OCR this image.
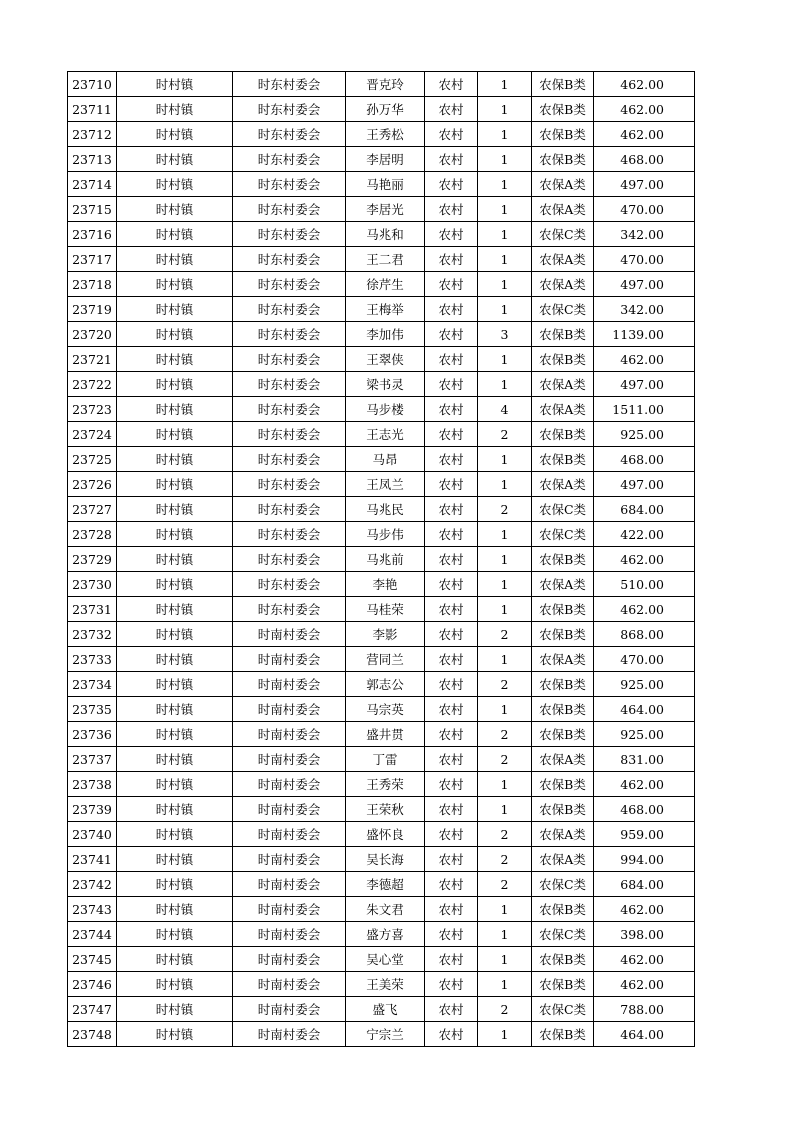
23710	时村镇	时东村委会	晋克玲	农村	1	农保B类	462.00
23711	时村镇	时东村委会	孙万华	农村	1	农保B类	462.00
23712	时村镇	时东村委会	王秀松	农村	1	农保B类	462.00
23713	时村镇	时东村委会	李居明	农村	1	农保B类	468.00
23714	时村镇	时东村委会	马艳丽	农村	1	农保A类	497.00
23715	时村镇	时东村委会	李居光	农村	1	农保A类	470.00
23716	时村镇	时东村委会	马兆和	农村	1	农保C类	342.00
23717	时村镇	时东村委会	王二君	农村	1	农保A类	470.00
23718	时村镇	时东村委会	徐芹生	农村	1	农保A类	497.00
23719	时村镇	时东村委会	王梅举	农村	1	农保C类	342.00
23720	时村镇	时东村委会	李加伟	农村	3	农保B类	1139.00
23721	时村镇	时东村委会	王翠侠	农村	1	农保B类	462.00
23722	时村镇	时东村委会	梁书灵	农村	1	农保A类	497.00
23723	时村镇	时东村委会	马步楼	农村	4	农保A类	1511.00
23724	时村镇	时东村委会	王志光	农村	2	农保B类	925.00
23725	时村镇	时东村委会	马昂	农村	1	农保B类	468.00
23726	时村镇	时东村委会	王凤兰	农村	1	农保A类	497.00
23727	时村镇	时东村委会	马兆民	农村	2	农保C类	684.00
23728	时村镇	时东村委会	马步伟	农村	1	农保C类	422.00
23729	时村镇	时东村委会	马兆前	农村	1	农保B类	462.00
23730	时村镇	时东村委会	李艳	农村	1	农保A类	510.00
23731	时村镇	时东村委会	马桂荣	农村	1	农保B类	462.00
23732	时村镇	时南村委会	李影	农村	2	农保B类	868.00
23733	时村镇	时南村委会	营同兰	农村	1	农保A类	470.00
23734	时村镇	时南村委会	郭志公	农村	2	农保B类	925.00
23735	时村镇	时南村委会	马宗英	农村	1	农保B类	464.00
23736	时村镇	时南村委会	盛井贯	农村	2	农保B类	925.00
23737	时村镇	时南村委会	丁雷	农村	2	农保A类	831.00
23738	时村镇	时南村委会	王秀荣	农村	1	农保B类	462.00
23739	时村镇	时南村委会	王荣秋	农村	1	农保B类	468.00
23740	时村镇	时南村委会	盛怀良	农村	2	农保A类	959.00
23741	时村镇	时南村委会	吴长海	农村	2	农保A类	994.00
23742	时村镇	时南村委会	李德超	农村	2	农保C类	684.00
23743	时村镇	时南村委会	朱文君	农村	1	农保B类	462.00
23744	时村镇	时南村委会	盛方喜	农村	1	农保C类	398.00
23745	时村镇	时南村委会	吴心堂	农村	1	农保B类	462.00
23746	时村镇	时南村委会	王美荣	农村	1	农保B类	462.00
23747	时村镇	时南村委会	盛飞	农村	2	农保C类	788.00
23748	时村镇	时南村委会	宁宗兰	农村	1	农保B类	464.00
